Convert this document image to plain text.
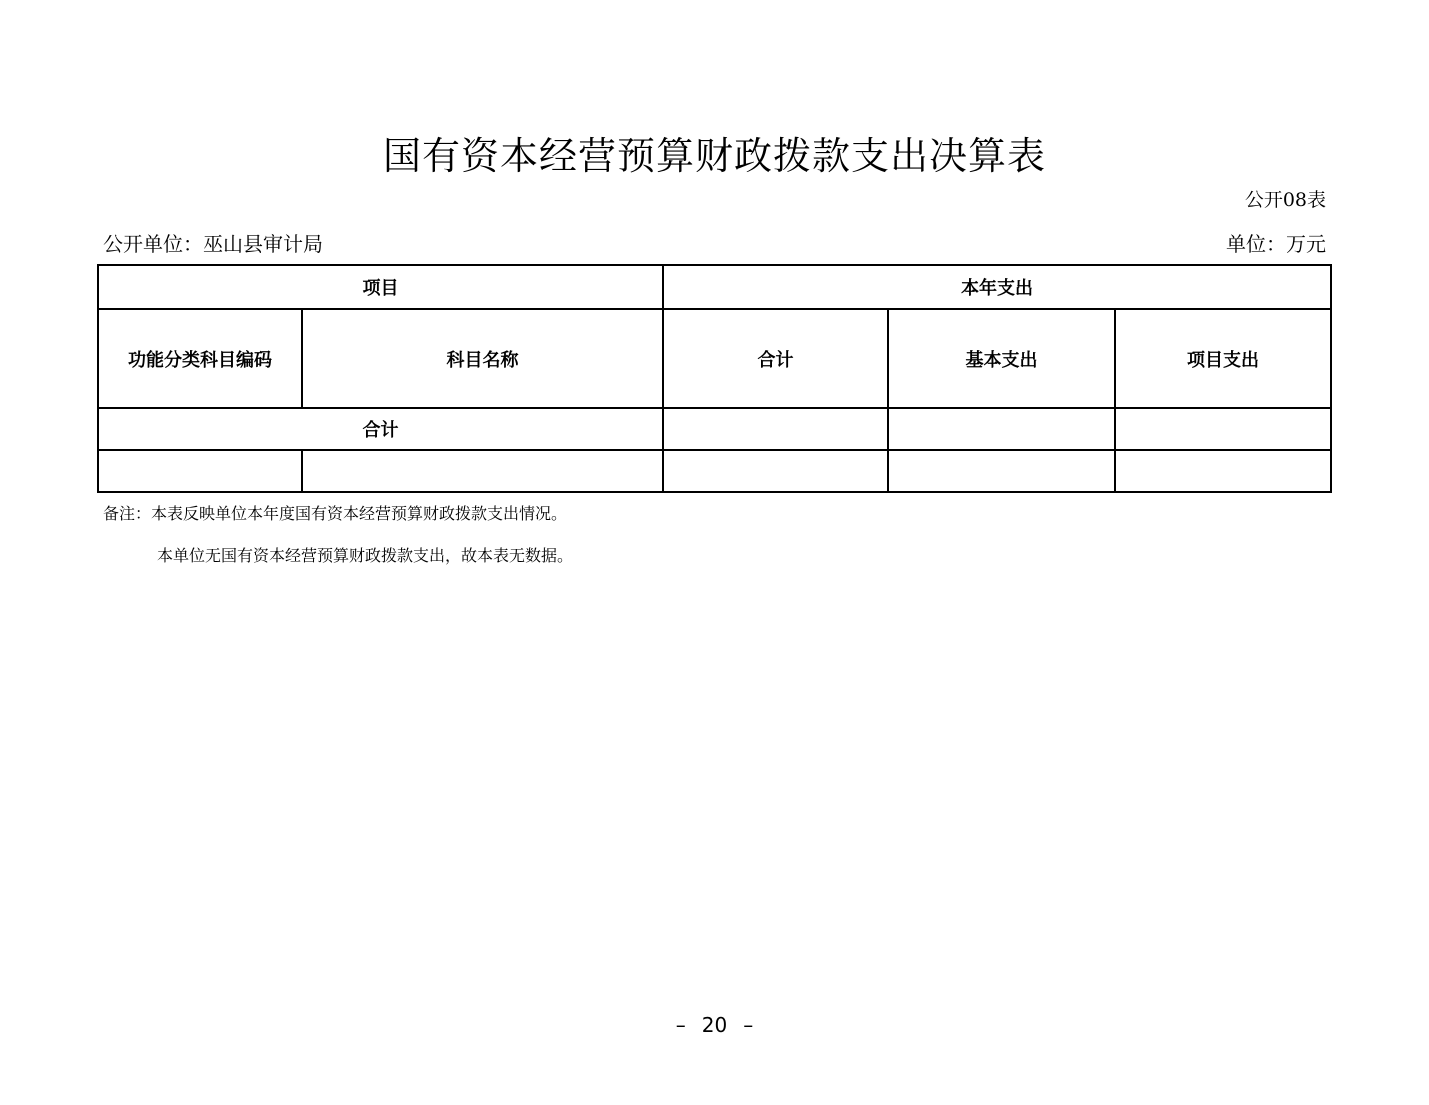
国有资本经营预算财政拨款支出决算表
公开08表
公开单位：巫山县审计局	单位：万元
项目		本年支出		
功能分类科目编码	科目名称	合计	基本支出	项目支出
合计				

备注：本表反映单位本年度国有资本经营预算财政拨款支出情况。
本单位无国有资本经营预算财政拨款支出，故本表无数据。
– 20 –
